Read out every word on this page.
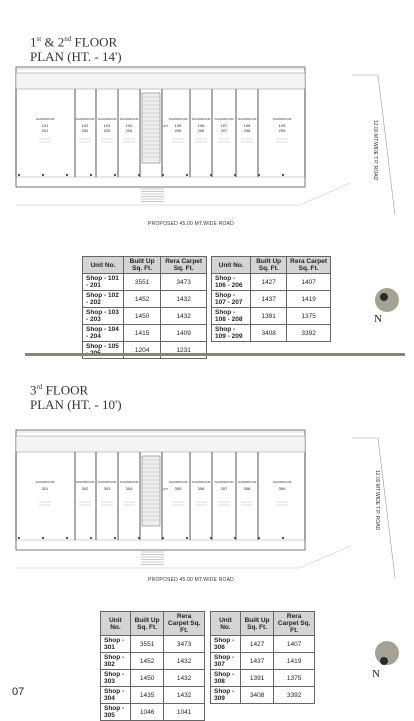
1st & 2nd FLOOR
PLAN (HT. - 14')
LIFT
SHOWROOM
101
201
SHOWROOM
102
202
SHOWROOM
103
203
SHOWROOM
104
204
SHOWROOM
105
205
SHOWROOM
106
206
SHOWROOM
107
207
SHOWROOM
108
208
SHOWROOM
109
209
PROPOSED 45.00 MT.WIDE ROAD
12.00 MT.WIDE T.P. ROAD
Unit No.	Built Up Sq. Ft.	Rera Carpet Sq. Ft.
Shop - 101 - 201	3551	3473
Shop - 102 - 202	1452	1432
Shop - 103 - 203	1450	1432
Shop - 104 - 204	1415	1409
Shop - 105	1204	1231
Unit No.	Built Up Sq. Ft.	Rera Carpet Sq. Ft.
Shop - 106 - 206	1427	1407
Shop - 107 - 207	1437	1419
Shop - 108 - 208	1391	1375
Shop - 109 - 209	3408	3392
N
3rd FLOOR
PLAN (HT. - 10')
LIFT
SHOWROOM
301
SHOWROOM
302
SHOWROOM
303
SHOWROOM
304
SHOWROOM
305
SHOWROOM
306
SHOWROOM
307
SHOWROOM
308
SHOWROOM
309
PROPOSED 45.00 MT.WIDE ROAD
12.00 MT.WIDE T.P. ROAD
Unit No.	Built Up Sq. Ft.	Rera Carpet Sq. Ft.
Shop - 301	3551	3473
Shop - 302	1452	1432
Shop - 303	1450	1432
Shop - 304	1435	1432
Shop - 305	1046	1041
Unit No.	Built Up Sq. Ft.	Rera Carpet Sq. Ft.
Shop - 306	1427	1407
Shop - 307	1437	1419
Shop - 308	1391	1375
Shop - 309	3408	3392
N
07
